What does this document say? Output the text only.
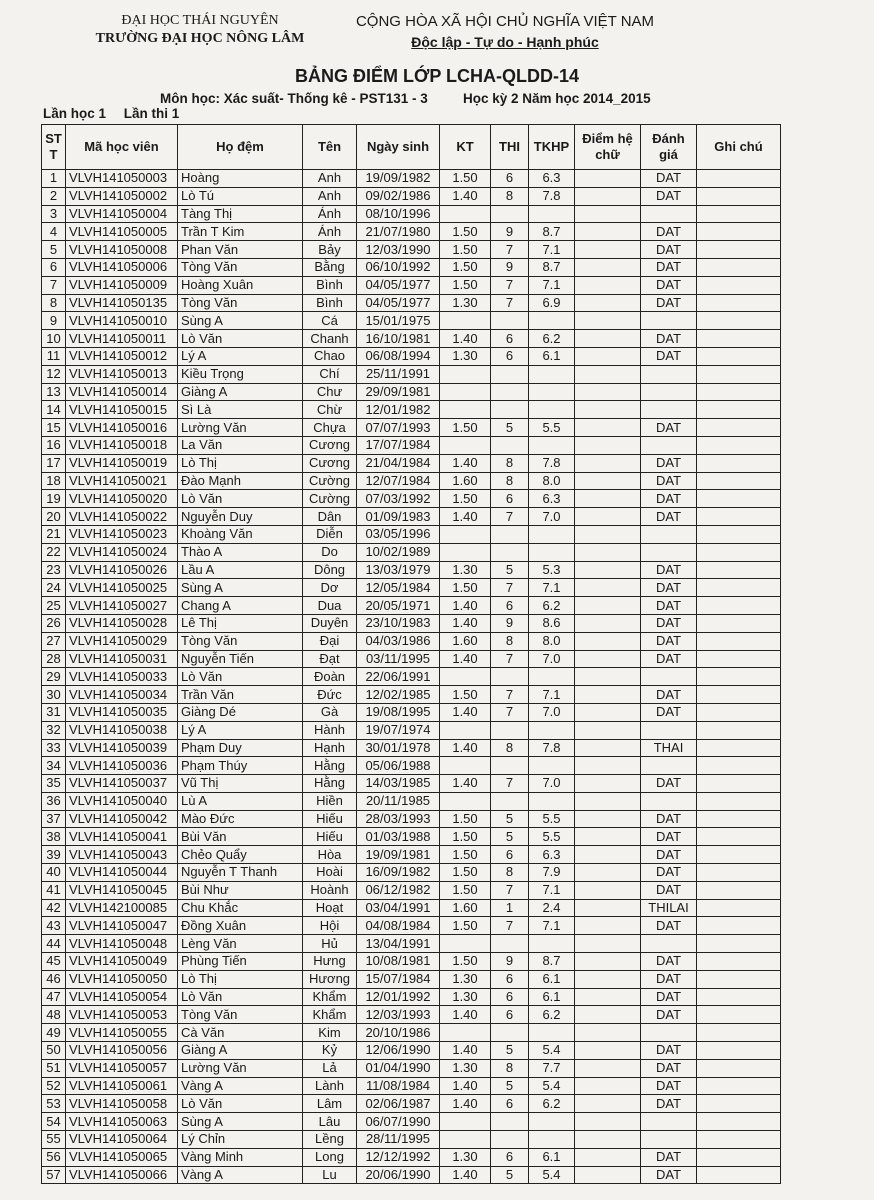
ĐẠI HỌC THÁI NGUYÊN
TRƯỜNG ĐẠI HỌC NÔNG LÂM
CỘNG HÒA XÃ HỘI CHỦ NGHĨA VIỆT NAM
Độc lập - Tự do - Hạnh phúc
BẢNG ĐIỂM LỚP LCHA-QLDD-14
Môn học: Xác suất- Thống kê - PST131 - 3	Học kỳ 2 Năm học 2014_2015
Lần học 1 Lần thi 1
ST T	Mã học viên	Họ đệm	Tên	Ngày sinh	KT	THI	TKHP	Điểm hệ chữ	Đánh giá	Ghi chú
1	VLVH141050003	Hoàng	Anh	19/09/1982	1.50	6	6.3		DAT	
2	VLVH141050002	Lò Tú	Anh	09/02/1986	1.40	8	7.8		DAT	
3	VLVH141050004	Tàng Thị	Ánh	08/10/1996						
4	VLVH141050005	Trần T Kim	Ánh	21/07/1980	1.50	9	8.7		DAT	
5	VLVH141050008	Phan Văn	Bảy	12/03/1990	1.50	7	7.1		DAT	
6	VLVH141050006	Tòng Văn	Bằng	06/10/1992	1.50	9	8.7		DAT	
7	VLVH141050009	Hoàng Xuân	Bình	04/05/1977	1.50	7	7.1		DAT	
8	VLVH141050135	Tòng Văn	Bình	04/05/1977	1.30	7	6.9		DAT	
9	VLVH141050010	Sùng A	Cá	15/01/1975						
10	VLVH141050011	Lò Văn	Chanh	16/10/1981	1.40	6	6.2		DAT	
11	VLVH141050012	Lý A	Chao	06/08/1994	1.30	6	6.1		DAT	
12	VLVH141050013	Kiều Trọng	Chí	25/11/1991						
13	VLVH141050014	Giàng A	Chư	29/09/1981						
14	VLVH141050015	Sì Là	Chừ	12/01/1982						
15	VLVH141050016	Lường Văn	Chựa	07/07/1993	1.50	5	5.5		DAT	
16	VLVH141050018	La Văn	Cương	17/07/1984						
17	VLVH141050019	Lò Thị	Cương	21/04/1984	1.40	8	7.8		DAT	
18	VLVH141050021	Đào Mạnh	Cường	12/07/1984	1.60	8	8.0		DAT	
19	VLVH141050020	Lò Văn	Cường	07/03/1992	1.50	6	6.3		DAT	
20	VLVH141050022	Nguyễn Duy	Dân	01/09/1983	1.40	7	7.0		DAT	
21	VLVH141050023	Khoàng Văn	Diễn	03/05/1996						
22	VLVH141050024	Thào A	Do	10/02/1989						
23	VLVH141050026	Lầu A	Dông	13/03/1979	1.30	5	5.3		DAT	
24	VLVH141050025	Sùng A	Dơ	12/05/1984	1.50	7	7.1		DAT	
25	VLVH141050027	Chang A	Dua	20/05/1971	1.40	6	6.2		DAT	
26	VLVH141050028	Lê Thị	Duyên	23/10/1983	1.40	9	8.6		DAT	
27	VLVH141050029	Tòng Văn	Đại	04/03/1986	1.60	8	8.0		DAT	
28	VLVH141050031	Nguyễn Tiến	Đạt	03/11/1995	1.40	7	7.0		DAT	
29	VLVH141050033	Lò Văn	Đoàn	22/06/1991						
30	VLVH141050034	Trần Văn	Đức	12/02/1985	1.50	7	7.1		DAT	
31	VLVH141050035	Giàng Dé	Gà	19/08/1995	1.40	7	7.0		DAT	
32	VLVH141050038	Lý A	Hành	19/07/1974						
33	VLVH141050039	Phạm Duy	Hạnh	30/01/1978	1.40	8	7.8		THAI	
34	VLVH141050036	Phạm Thúy	Hằng	05/06/1988						
35	VLVH141050037	Vũ Thị	Hằng	14/03/1985	1.40	7	7.0		DAT	
36	VLVH141050040	Lù A	Hiền	20/11/1985						
37	VLVH141050042	Mào Đức	Hiếu	28/03/1993	1.50	5	5.5		DAT	
38	VLVH141050041	Bùi Văn	Hiếu	01/03/1988	1.50	5	5.5		DAT	
39	VLVH141050043	Chẻo Quẩy	Hòa	19/09/1981	1.50	6	6.3		DAT	
40	VLVH141050044	Nguyễn T Thanh	Hoài	16/09/1982	1.50	8	7.9		DAT	
41	VLVH141050045	Bùi Như	Hoành	06/12/1982	1.50	7	7.1		DAT	
42	VLVH142100085	Chu Khắc	Hoạt	03/04/1991	1.60	1	2.4		THILAI	
43	VLVH141050047	Đồng Xuân	Hội	04/08/1984	1.50	7	7.1		DAT	
44	VLVH141050048	Lèng Văn	Hủ	13/04/1991						
45	VLVH141050049	Phùng Tiến	Hưng	10/08/1981	1.50	9	8.7		DAT	
46	VLVH141050050	Lò Thị	Hương	15/07/1984	1.30	6	6.1		DAT	
47	VLVH141050054	Lò Văn	Khẩm	12/01/1992	1.30	6	6.1		DAT	
48	VLVH141050053	Tòng Văn	Khẩm	12/03/1993	1.40	6	6.2		DAT	
49	VLVH141050055	Cà Văn	Kim	20/10/1986						
50	VLVH141050056	Giàng A	Kỷ	12/06/1990	1.40	5	5.4		DAT	
51	VLVH141050057	Lường Văn	Lả	01/04/1990	1.30	8	7.7		DAT	
52	VLVH141050061	Vàng A	Lành	11/08/1984	1.40	5	5.4		DAT	
53	VLVH141050058	Lò Văn	Lâm	02/06/1987	1.40	6	6.2		DAT	
54	VLVH141050063	Sùng A	Lâu	06/07/1990						
55	VLVH141050064	Lý Chỉn	Lềng	28/11/1995						
56	VLVH141050065	Vàng Minh	Long	12/12/1992	1.30	6	6.1		DAT	
57	VLVH141050066	Vàng A	Lu	20/06/1990	1.40	5	5.4		DAT	
